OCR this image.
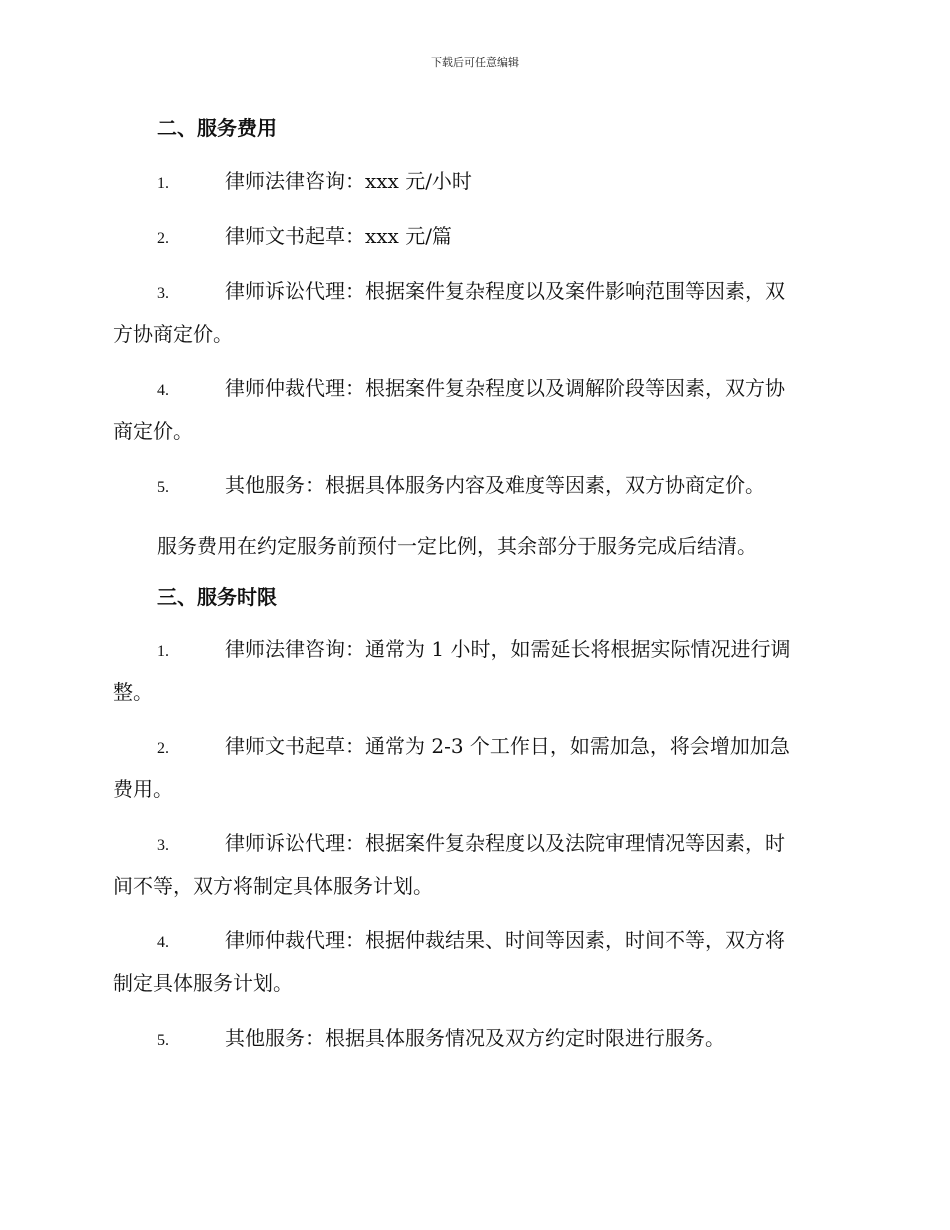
下载后可任意编辑
二、服务费用
1.	律师法律咨询：xxx 元/小时
2.	律师文书起草：xxx 元/篇
3.	律师诉讼代理：根据案件复杂程度以及案件影响范围等因素，双
方协商定价。
4.	律师仲裁代理：根据案件复杂程度以及调解阶段等因素，双方协
商定价。
5.	其他服务：根据具体服务内容及难度等因素，双方协商定价。
服务费用在约定服务前预付一定比例，其余部分于服务完成后结清。
三、服务时限
1.	律师法律咨询：通常为 1 小时，如需延长将根据实际情况进行调
整。
2.	律师文书起草：通常为 2-3 个工作日，如需加急，将会增加加急
费用。
3.	律师诉讼代理：根据案件复杂程度以及法院审理情况等因素，时
间不等，双方将制定具体服务计划。
4.	律师仲裁代理：根据仲裁结果、时间等因素，时间不等，双方将
制定具体服务计划。
5.	其他服务：根据具体服务情况及双方约定时限进行服务。
